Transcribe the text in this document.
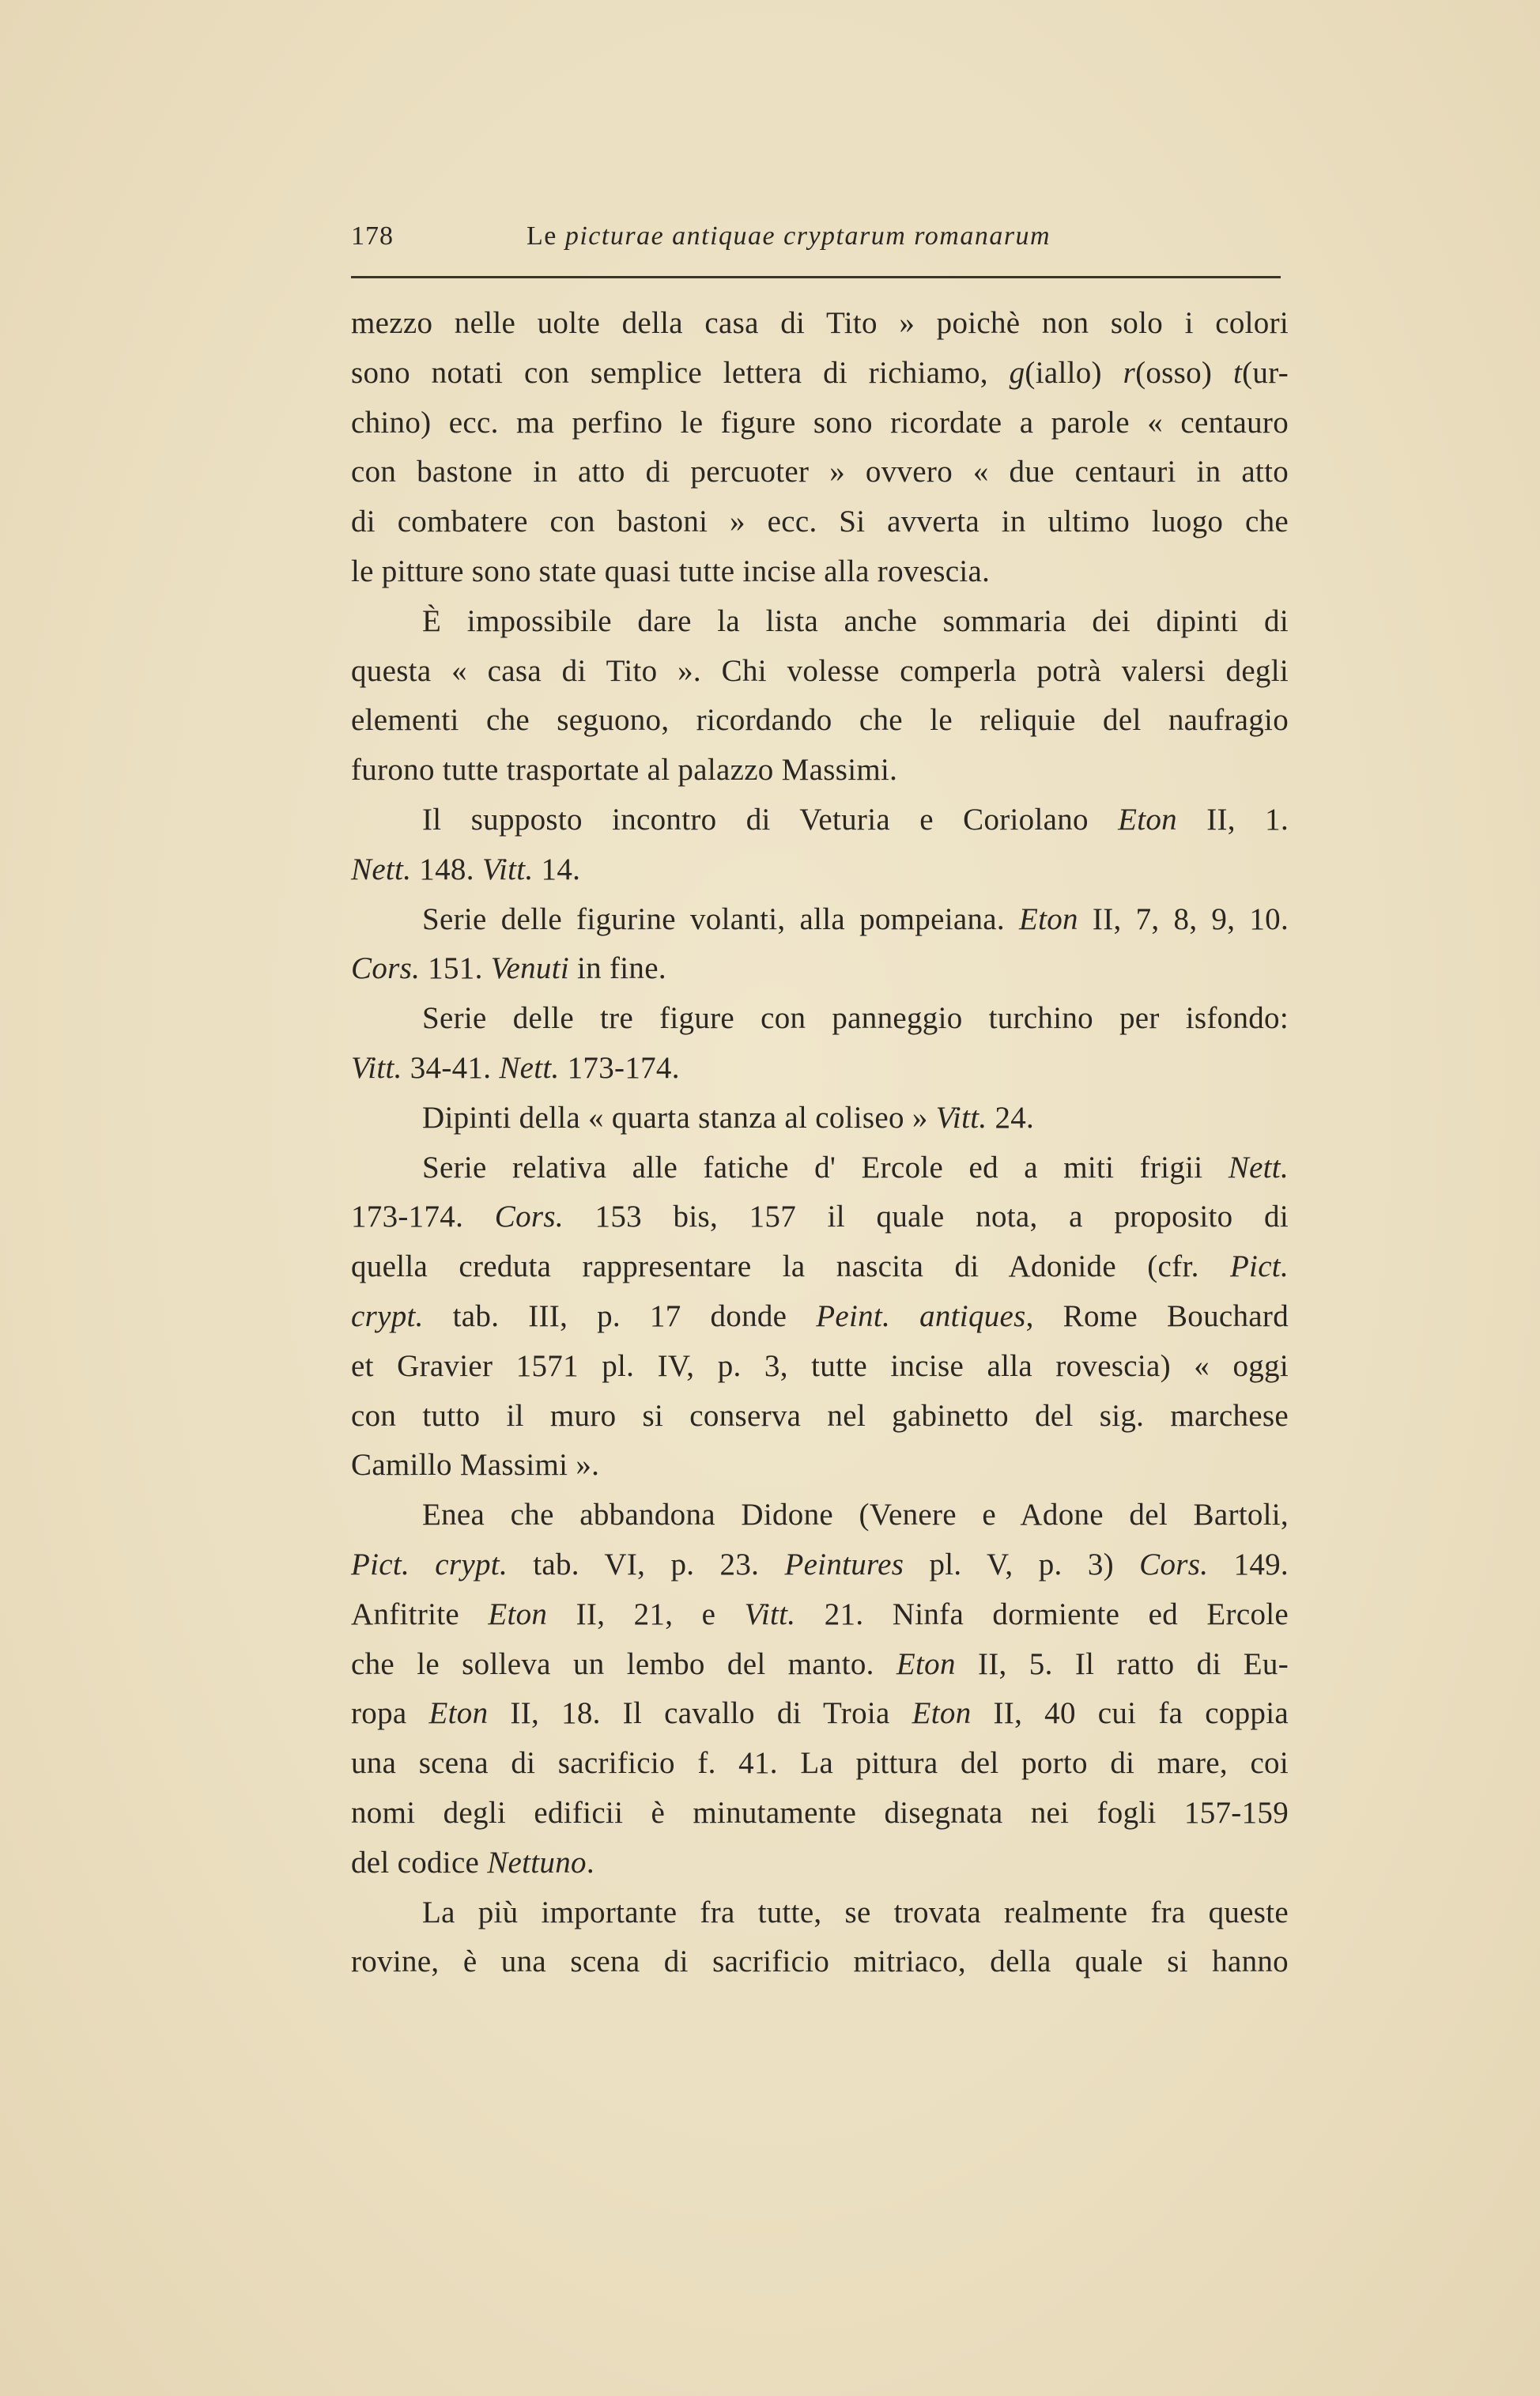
178	Le picturae antiquae cryptarum romanarum
mezzo nelle uolte della casa di Tito » poichè non solo i colori
sono notati con semplice lettera di richiamo, g(iallo) r(osso) t(ur-
chino) ecc. ma perfino le figure sono ricordate a parole « centauro
con bastone in atto di percuoter » ovvero « due centauri in atto
di combatere con bastoni » ecc. Si avverta in ultimo luogo che
le pitture sono state quasi tutte incise alla rovescia.
È impossibile dare la lista anche sommaria dei dipinti di
questa « casa di Tito ». Chi volesse comperla potrà valersi degli
elementi che seguono, ricordando che le reliquie del naufragio
furono tutte trasportate al palazzo Massimi.
Il supposto incontro di Veturia e Coriolano Eton II, 1.
Nett. 148. Vitt. 14.
Serie delle figurine volanti, alla pompeiana. Eton II, 7, 8, 9, 10.
Cors. 151. Venuti in fine.
Serie delle tre figure con panneggio turchino per isfondo:
Vitt. 34-41. Nett. 173-174.
Dipinti della « quarta stanza al coliseo » Vitt. 24.
Serie relativa alle fatiche d' Ercole ed a miti frigii Nett.
173-174. Cors. 153 bis, 157 il quale nota, a proposito di
quella creduta rappresentare la nascita di Adonide (cfr. Pict.
crypt. tab. III, p. 17 donde Peint. antiques, Rome Bouchard
et Gravier 1571 pl. IV, p. 3, tutte incise alla rovescia) « oggi
con tutto il muro si conserva nel gabinetto del sig. marchese
Camillo Massimi ».
Enea che abbandona Didone (Venere e Adone del Bartoli,
Pict. crypt. tab. VI, p. 23. Peintures pl. V, p. 3) Cors. 149.
Anfitrite Eton II, 21, e Vitt. 21. Ninfa dormiente ed Ercole
che le solleva un lembo del manto. Eton II, 5. Il ratto di Eu-
ropa Eton II, 18. Il cavallo di Troia Eton II, 40 cui fa coppia
una scena di sacrificio f. 41. La pittura del porto di mare, coi
nomi degli edificii è minutamente disegnata nei fogli 157-159
del codice Nettuno.
La più importante fra tutte, se trovata realmente fra queste
rovine, è una scena di sacrificio mitriaco, della quale si hanno
